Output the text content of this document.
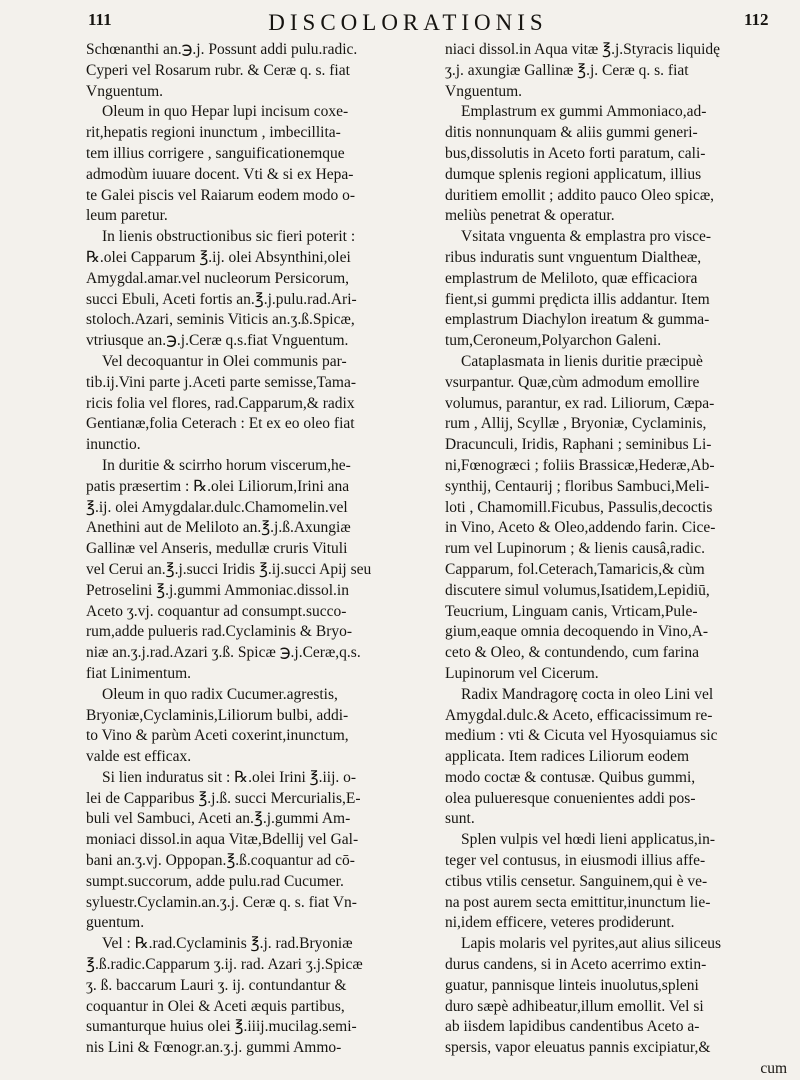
111	DISCOLORATIONIS	112
Schœnanthi an.℈.j. Possunt addi pulu.radic.
Cyperi vel Rosarum rubr. & Ceræ q. s. fiat
Vnguentum.
Oleum in quo Hepar lupi incisum coxe-
rit,hepatis regioni inunctum , imbecillita-
tem illius corrigere , sanguificationemque
admodùm iuuare docent. Vti & si ex Hepa-
te Galei piscis vel Raiarum eodem modo o-
leum paretur.
In lienis obstructionibus sic fieri poterit :
℞.olei Capparum ℥.ij. olei Absynthini,olei
Amygdal.amar.vel nucleorum Persicorum,
succi Ebuli, Aceti fortis an.℥.j.pulu.rad.Ari-
stoloch.Azari, seminis Viticis an.ʒ.ß.Spicæ,
vtriusque an.℈.j.Ceræ q.s.fiat Vnguentum.
Vel decoquantur in Olei communis par-
tib.ij.Vini parte j.Aceti parte semisse,Tama-
ricis folia vel flores, rad.Capparum,& radix
Gentianæ,folia Ceterach : Et ex eo oleo fiat
inunctio.
In duritie & scirrho horum viscerum,he-
patis præsertim : ℞.olei Liliorum,Irini ana
℥.ij. olei Amygdalar.dulc.Chamomelin.vel
Anethini aut de Meliloto an.℥.j.ß.Axungiæ
Gallinæ vel Anseris, medullæ cruris Vituli
vel Cerui an.℥.j.succi Iridis ℥.ij.succi Apij seu
Petroselini ℥.j.gummi Ammoniac.dissol.in
Aceto ʒ.vj. coquantur ad consumpt.succo-
rum,adde pulueris rad.Cyclaminis & Bryo-
niæ an.ʒ.j.rad.Azari ʒ.ß. Spicæ ℈.j.Ceræ,q.s.
fiat Linimentum.
Oleum in quo radix Cucumer.agrestis,
Bryoniæ,Cyclaminis,Liliorum bulbi, addi-
to Vino & parùm Aceti coxerint,inunctum,
valde est efficax.
Si lien induratus sit : ℞.olei Irini ℥.iij. o-
lei de Capparibus ℥.j.ß. succi Mercurialis,E-
buli vel Sambuci, Aceti an.℥.j.gummi Am-
moniaci dissol.in aqua Vitæ,Bdellij vel Gal-
bani an.ʒ.vj. Oppopan.℥.ß.coquantur ad cō-
sumpt.succorum, adde pulu.rad Cucumer.
syluestr.Cyclamin.an.ʒ.j. Ceræ q. s. fiat Vn-
guentum.
Vel : ℞.rad.Cyclaminis ℥.j. rad.Bryoniæ
℥.ß.radic.Capparum ʒ.ij. rad. Azari ʒ.j.Spicæ
ʒ. ß. baccarum Lauri ʒ. ij. contundantur &
coquantur in Olei & Aceti æquis partibus,
sumanturque huius olei ℥.iiij.mucilag.semi-
nis Lini & Fœnogr.an.ʒ.j. gummi Ammo-
niaci dissol.in Aqua vitæ ℥.j.Styracis liquidę
ʒ.j. axungiæ Gallinæ ℥.j. Ceræ q. s. fiat
Vnguentum.
Emplastrum ex gummi Ammoniaco,ad-
ditis nonnunquam & aliis gummi generi-
bus,dissolutis in Aceto forti paratum, cali-
dumque splenis regioni applicatum, illius
duritiem emollit ; addito pauco Oleo spicæ,
meliùs penetrat & operatur.
Vsitata vnguenta & emplastra pro visce-
ribus induratis sunt vnguentum Dialtheæ,
emplastrum de Meliloto, quæ efficaciora
fient,si gummi prędicta illis addantur. Item
emplastrum Diachylon ireatum & gumma-
tum,Ceroneum,Polyarchon Galeni.
Cataplasmata in lienis duritie præcipuè
vsurpantur. Quæ,cùm admodum emollire
volumus, parantur, ex rad. Liliorum, Cæpa-
rum , Allij, Scyllæ , Bryoniæ, Cyclaminis,
Dracunculi, Iridis, Raphani ; seminibus Li-
ni,Fœnogræci ; foliis Brassicæ,Hederæ,Ab-
synthij, Centaurij ; floribus Sambuci,Meli-
loti , Chamomill.Ficubus, Passulis,decoctis
in Vino, Aceto & Oleo,addendo farin. Cice-
rum vel Lupinorum ; & lienis causâ,radic.
Capparum, fol.Ceterach,Tamaricis,& cùm
discutere simul volumus,Isatidem,Lepidiū,
Teucrium, Linguam canis, Vrticam,Pule-
gium,eaque omnia decoquendo in Vino,A-
ceto & Oleo, & contundendo, cum farina
Lupinorum vel Cicerum.
Radix Mandragorę cocta in oleo Lini vel
Amygdal.dulc.& Aceto, efficacissimum re-
medium : vti & Cicuta vel Hyosquiamus sic
applicata. Item radices Liliorum eodem
modo coctæ & contusæ. Quibus gummi,
olea pulueresque conuenientes addi pos-
sunt.
Splen vulpis vel hœdi lieni applicatus,in-
teger vel contusus, in eiusmodi illius affe-
ctibus vtilis censetur. Sanguinem,qui è ve-
na post aurem secta emittitur,inunctum lie-
ni,idem efficere, veteres prodiderunt.
Lapis molaris vel pyrites,aut alius siliceus
durus candens, si in Aceto acerrimo extin-
guatur, pannisque linteis inuolutus,spleni
duro sæpè adhibeatur,illum emollit. Vel si
ab iisdem lapidibus candentibus Aceto a-
spersis, vapor eleuatus pannis excipiatur,&
cum
